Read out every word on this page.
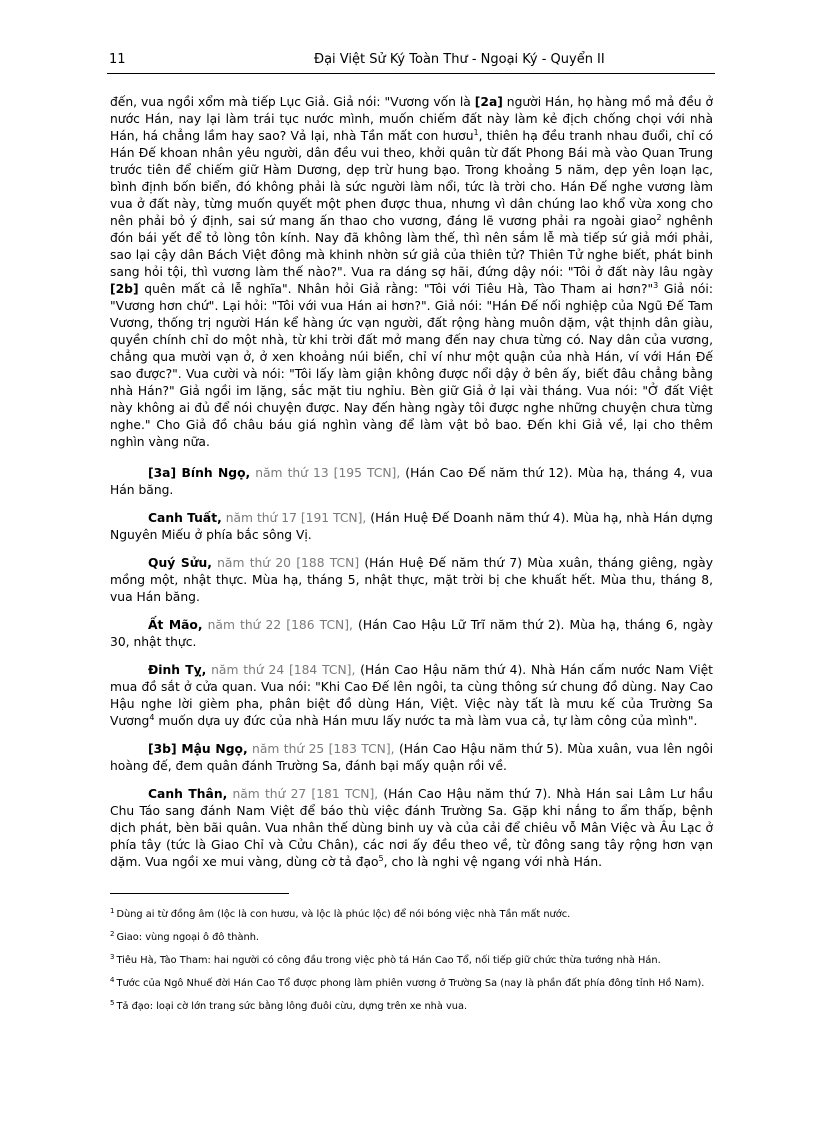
11	Đại Việt Sử Ký Toàn Thư - Ngoại Ký - Quyển II

đến, vua ngồi xổm mà tiếp Lục Giả. Giả nói: "Vương vốn là [2a] người Hán, họ hàng mồ mả đều ở nước Hán, nay lại làm trái tục nước mình, muốn chiếm đất này làm kẻ địch chống chọi với nhà Hán, há chẳng lầm hay sao? Vả lại, nhà Tần mất con hươu$^1$, thiên hạ đều tranh nhau đuổi, chỉ có Hán Đế khoan nhân yêu người, dân đều vui theo, khởi quân từ đất Phong Bái mà vào Quan Trung trước tiên để chiếm giữ Hàm Dương, dẹp trừ hung bạo. Trong khoảng 5 năm, dẹp yên loạn lạc, bình định bốn biển, đó không phải là sức người làm nổi, tức là trời cho. Hán Đế nghe vương làm vua ở đất này, từng muốn quyết một phen được thua, nhưng vì dân chúng lao khổ vừa xong cho nên phải bỏ ý định, sai sứ mang ấn thao cho vương, đáng lẽ vương phải ra ngoài giao$^2$ nghênh đón bái yết để tỏ lòng tôn kính. Nay đã không làm thế, thì nên sắm lễ mà tiếp sứ giả mới phải, sao lại cậy dân Bách Việt đông mà khinh nhờn sứ giả của thiên tử? Thiên Tử nghe biết, phát binh sang hỏi tội, thì vương làm thế nào?". Vua ra dáng sợ hãi, đứng dậy nói: "Tôi ở đất này lâu ngày [2b] quên mất cả lễ nghĩa". Nhân hỏi Giả rằng: "Tôi với Tiêu Hà, Tào Tham ai hơn?"$^3$ Giả nói: "Vương hơn chứ". Lại hỏi: "Tôi với vua Hán ai hơn?". Giả nói: "Hán Đế nối nghiệp của Ngũ Đế Tam Vương, thống trị người Hán kể hàng ức vạn người, đất rộng hàng muôn dặm, vật thịnh dân giàu, quyền chính chỉ do một nhà, từ khi trời đất mở mang đến nay chưa từng có. Nay dân của vương, chẳng qua mười vạn ở, ở xen khoảng núi biển, chỉ ví như một quận của nhà Hán, ví với Hán Đế sao được?". Vua cười và nói: "Tôi lấy làm giận không được nổi dậy ở bên ấy, biết đâu chẳng bằng nhà Hán?" Giả ngồi im lặng, sắc mặt tiu nghỉu. Bèn giữ Giả ở lại vài tháng. Vua nói: "Ở đất Việt này không ai đủ để nói chuyện được. Nay đến hàng ngày tôi được nghe những chuyện chưa từng nghe." Cho Giả đồ châu báu giá nghìn vàng để làm vật bỏ bao. Đến khi Giả về, lại cho thêm nghìn vàng nữa.

[3a] Bính Ngọ, năm thứ 13 [195 TCN], (Hán Cao Đế năm thứ 12). Mùa hạ, tháng 4, vua Hán băng.

Canh Tuất, năm thứ 17 [191 TCN], (Hán Huệ Đế Doanh năm thứ 4). Mùa hạ, nhà Hán dựng Nguyên Miếu ở phía bắc sông Vị.

Quý Sửu, năm thứ 20 [188 TCN] (Hán Huệ Đế năm thứ 7) Mùa xuân, tháng giêng, ngày mồng một, nhật thực. Mùa hạ, tháng 5, nhật thực, mặt trời bị che khuất hết. Mùa thu, tháng 8, vua Hán băng.

Ất Mão, năm thứ 22 [186 TCN], (Hán Cao Hậu Lữ Trĩ năm thứ 2). Mùa hạ, tháng 6, ngày 30, nhật thực.

Đinh Tỵ, năm thứ 24 [184 TCN], (Hán Cao Hậu năm thứ 4). Nhà Hán cấm nước Nam Việt mua đồ sắt ở cửa quan. Vua nói: "Khi Cao Đế lên ngôi, ta cùng thông sứ chung đồ dùng. Nay Cao Hậu nghe lời gièm pha, phân biệt đồ dùng Hán, Việt. Việc này tất là mưu kế của Trường Sa Vương$^4$ muốn dựa uy đức của nhà Hán mưu lấy nước ta mà làm vua cả, tự làm công của mình".

[3b] Mậu Ngọ, năm thứ 25 [183 TCN], (Hán Cao Hậu năm thứ 5). Mùa xuân, vua lên ngôi hoàng đế, đem quân đánh Trường Sa, đánh bại mấy quận rồi về.

Canh Thân, năm thứ 27 [181 TCN], (Hán Cao Hậu năm thứ 7). Nhà Hán sai Lâm Lư hầu Chu Táo sang đánh Nam Việt để báo thù việc đánh Trường Sa. Gặp khi nắng to ẩm thấp, bệnh dịch phát, bèn bãi quân. Vua nhân thế dùng binh uy và của cải để chiêu vỗ Mân Việc và Âu Lạc ở phía tây (tức là Giao Chỉ và Cửu Chân), các nơi ấy đều theo về, từ đông sang tây rộng hơn vạn dặm. Vua ngồi xe mui vàng, dùng cờ tả đạo$^5$, cho là nghi vệ ngang với nhà Hán.

$^1$ Dùng ai từ đồng âm (lộc là con hươu, và lộc là phúc lộc) để nói bóng việc nhà Tần mất nước.
$^2$ Giao: vùng ngoại ô đô thành.
$^3$ Tiêu Hà, Tào Tham: hai người có công đầu trong việc phò tá Hán Cao Tổ, nối tiếp giữ chức thừa tướng nhà Hán.
$^4$ Tước của Ngô Nhuế đời Hán Cao Tổ được phong làm phiên vương ở Trường Sa (nay là phần đất phía đông tỉnh Hồ Nam).
$^5$ Tả đạo: loại cờ lớn trang sức bằng lông đuôi cừu, dựng trên xe nhà vua.
